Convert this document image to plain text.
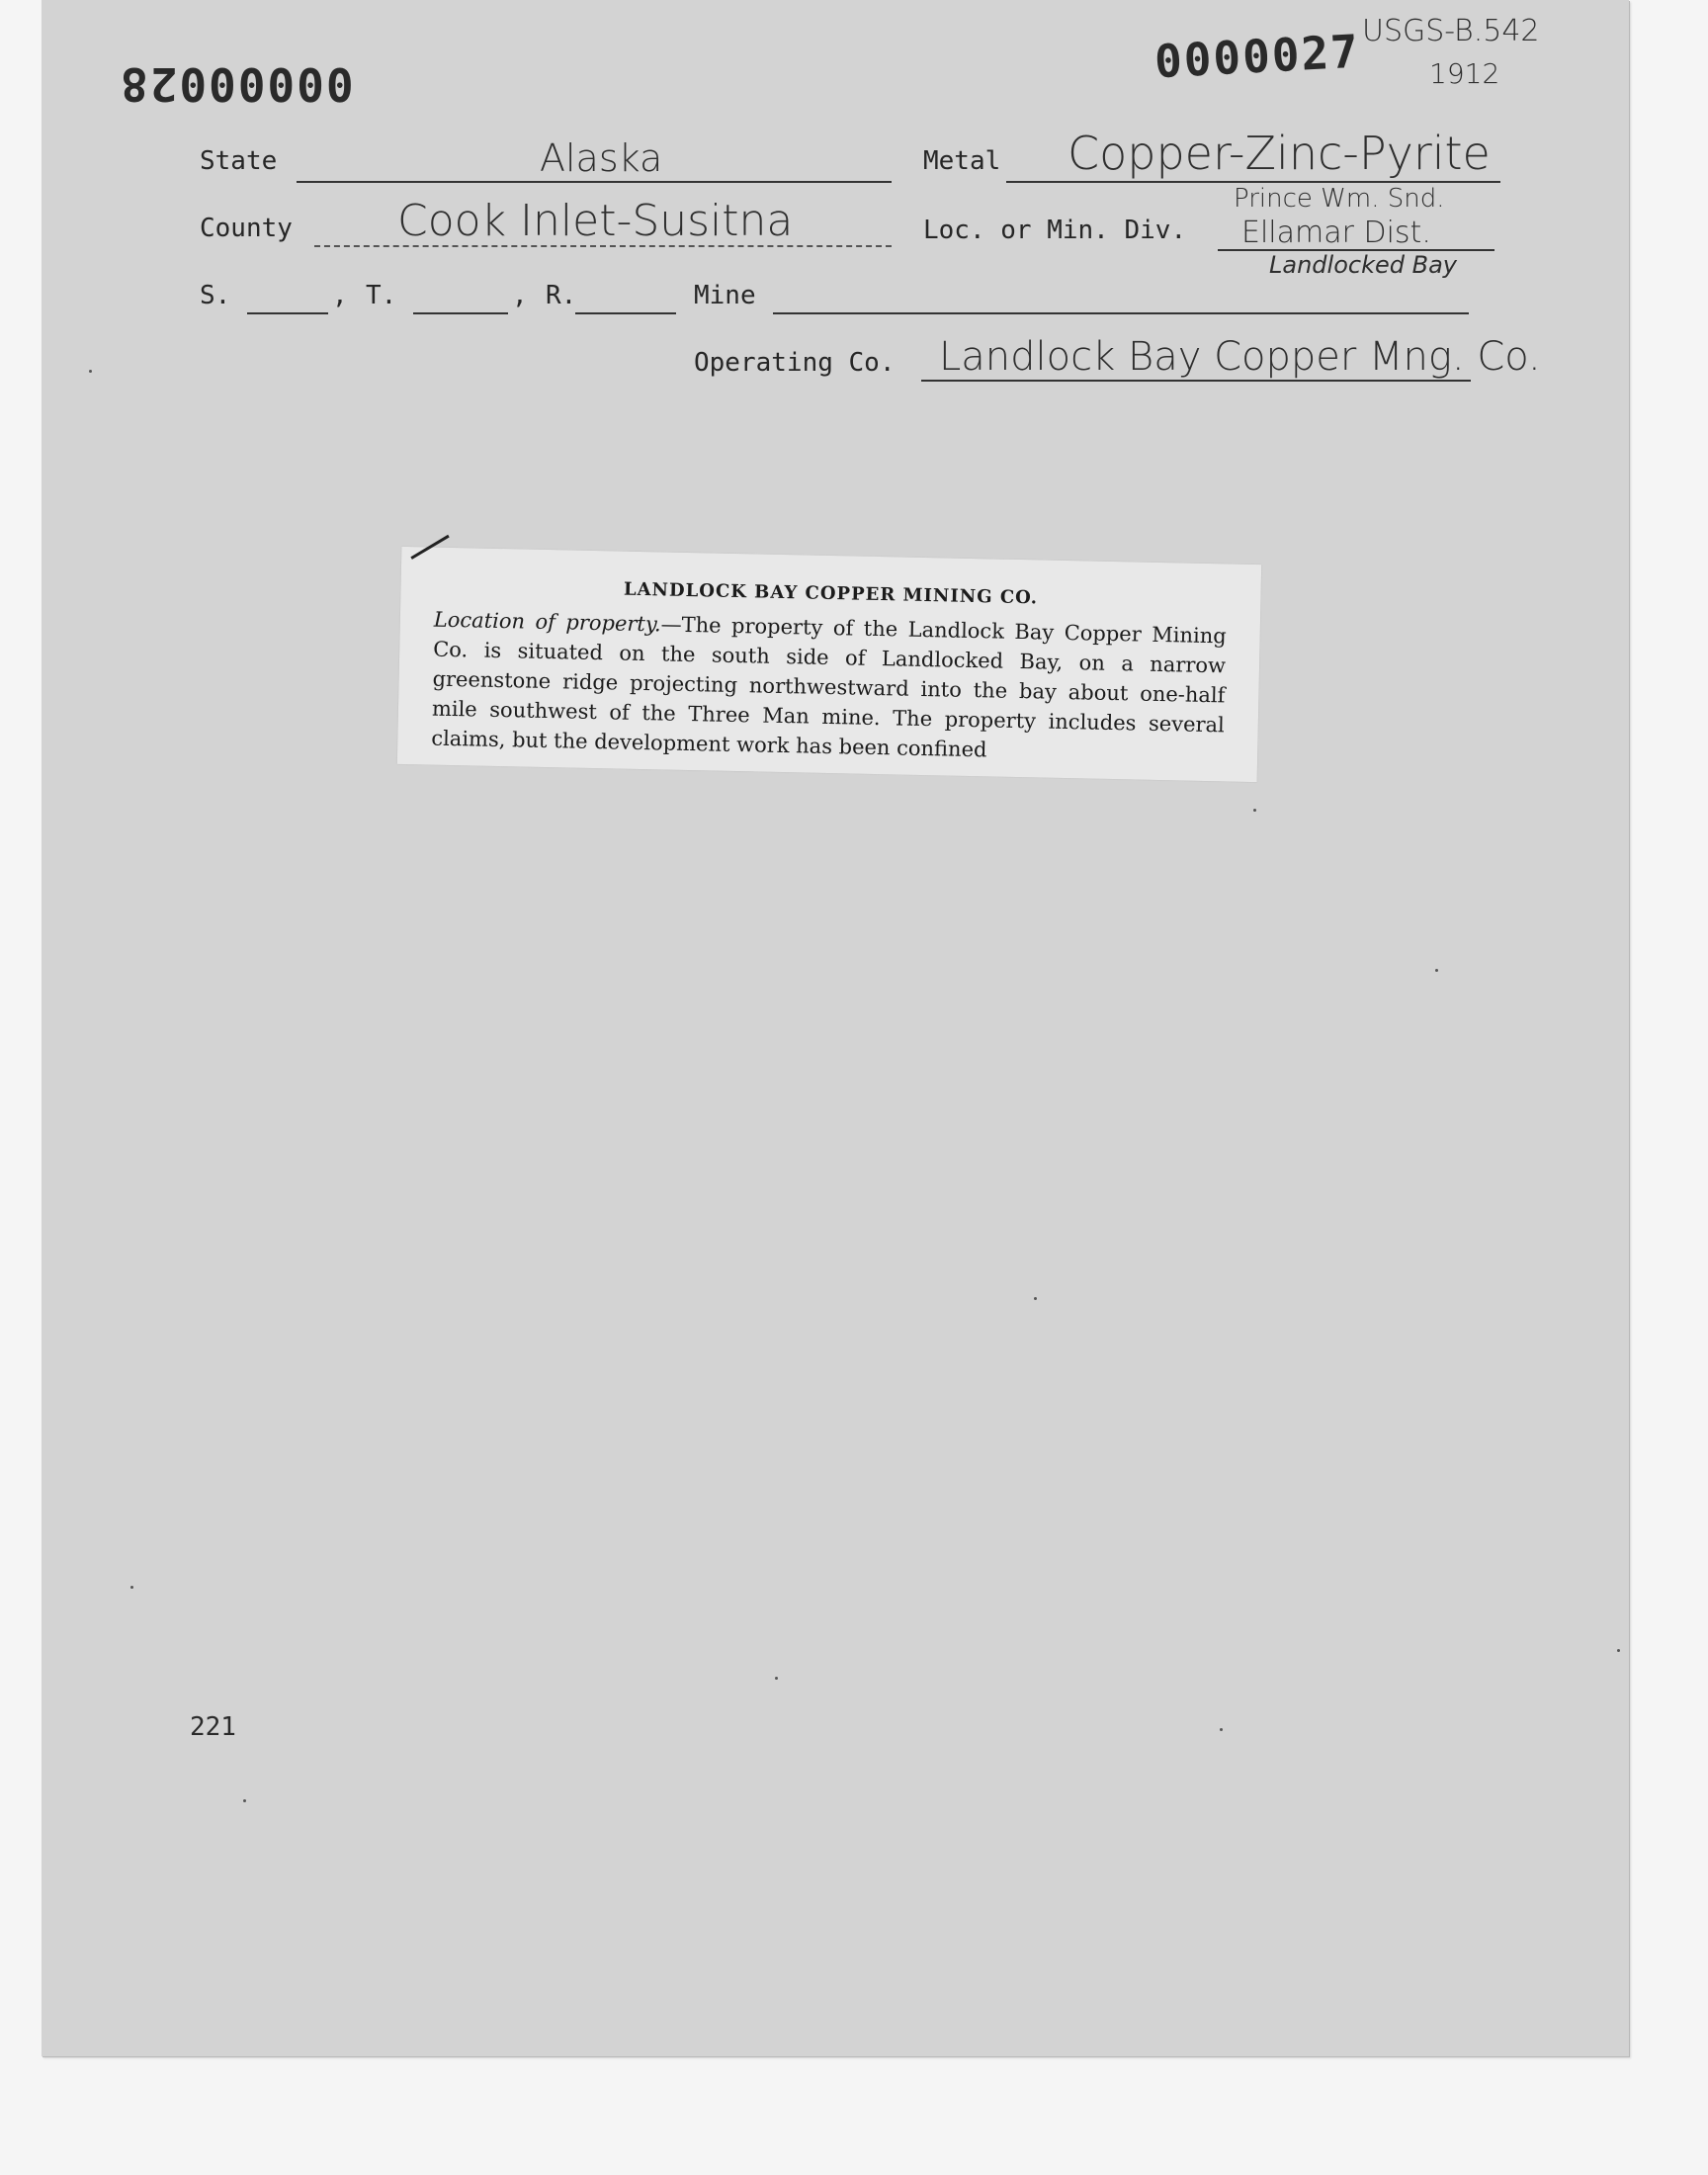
00000028	0000027 USGS-B.542
1912
State	Alaska	Metal Copper-Zinc-Pyrite
County Cook Inlet-Susitna	Loc. or Min. Div.
Prince Wm. Snd.
Ellamar Dist.
Landlocked Bay
S.	, T.	, R.	Mine
Operating Co. Landlock Bay Copper Mng. Co.
LANDLOCK BAY COPPER MINING CO.
Location of property.—The property of the Landlock Bay Copper Mining Co. is situated on the south side of Landlocked Bay, on a narrow greenstone ridge projecting northwestward into the bay about one-half mile southwest of the Three Man mine. The property includes several claims, but the development work has been confined
221
